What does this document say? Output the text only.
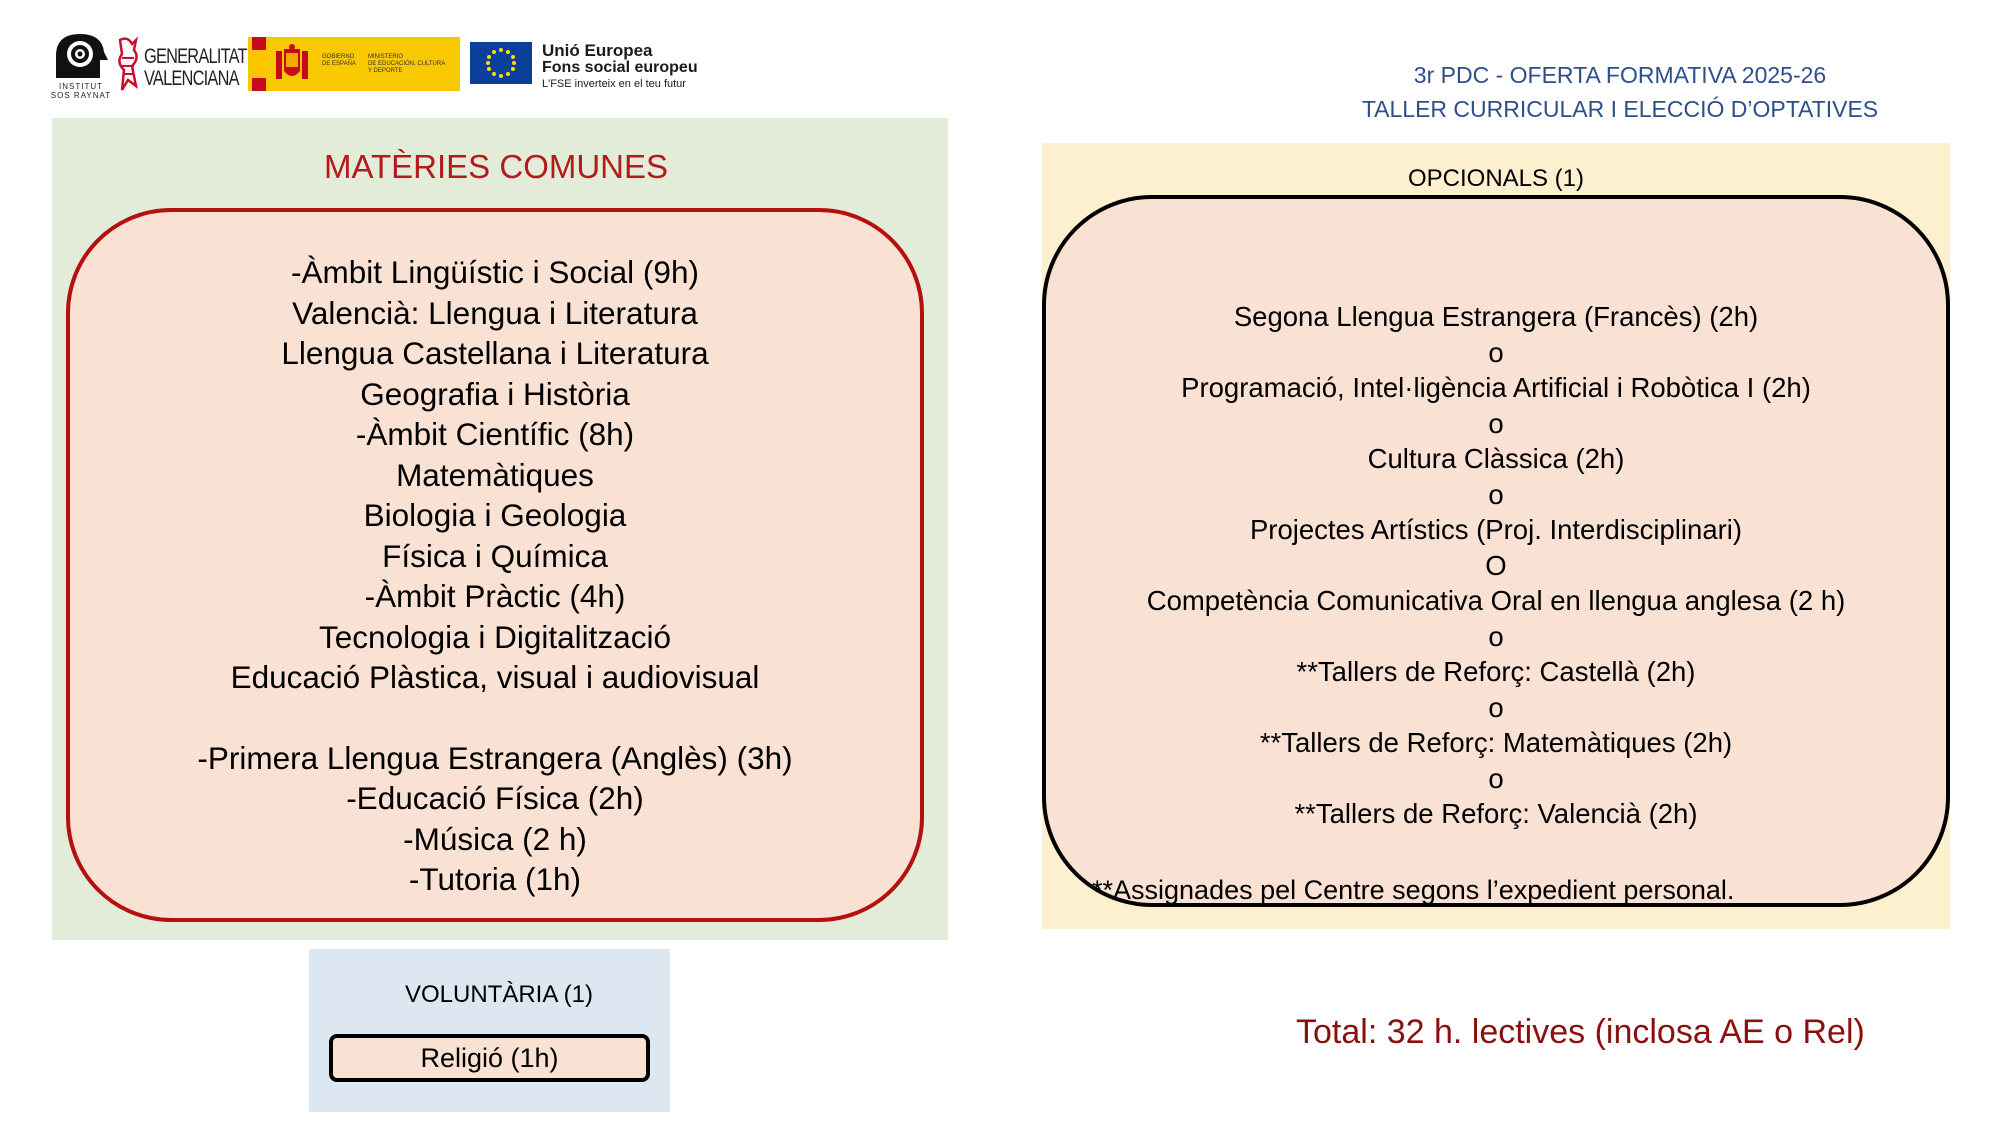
INSTITUT
SOS RAYNAT
GENERALITAT
VALENCIANA
GOBIERNO
DE ESPAÑA
MINISTERIO
DE EDUCACIÓN, CULTURA
Y DEPORTE
Unió Europea
Fons social europeu
L'FSE inverteix en el teu futur	3r PDC - OFERTA FORMATIVA 2025-26
TALLER CURRICULAR I ELECCIÓ D’OPTATIVES
MATÈRIES COMUNES
-Àmbit Lingüístic i Social (9h)
Valencià: Llengua i Literatura
Llengua Castellana i Literatura
Geografia i Història
-Àmbit Científic (8h)
Matemàtiques
Biologia i Geologia
Física i Química
-Àmbit Pràctic (4h)
Tecnologia i Digitalització
Educació Plàstica, visual i audiovisual
-Primera Llengua Estrangera (Anglès) (3h)
-Educació Física (2h)
-Música (2 h)
-Tutoria (1h)
VOLUNTÀRIA (1)
Religió (1h)
OPCIONALS (1)
Segona Llengua Estrangera (Francès) (2h)
o
Programació, Intel·ligència Artificial i Robòtica I (2h)
o
Cultura Clàssica (2h)
o
Projectes Artístics (Proj. Interdisciplinari)
O
Competència Comunicativa Oral en llengua anglesa (2 h)
o
**Tallers de Reforç: Castellà (2h)
o
**Tallers de Reforç: Matemàtiques (2h)
o
**Tallers de Reforç: Valencià (2h)
**Assignades pel Centre segons l’expedient personal.
Total: 32 h. lectives (inclosa AE o Rel)
